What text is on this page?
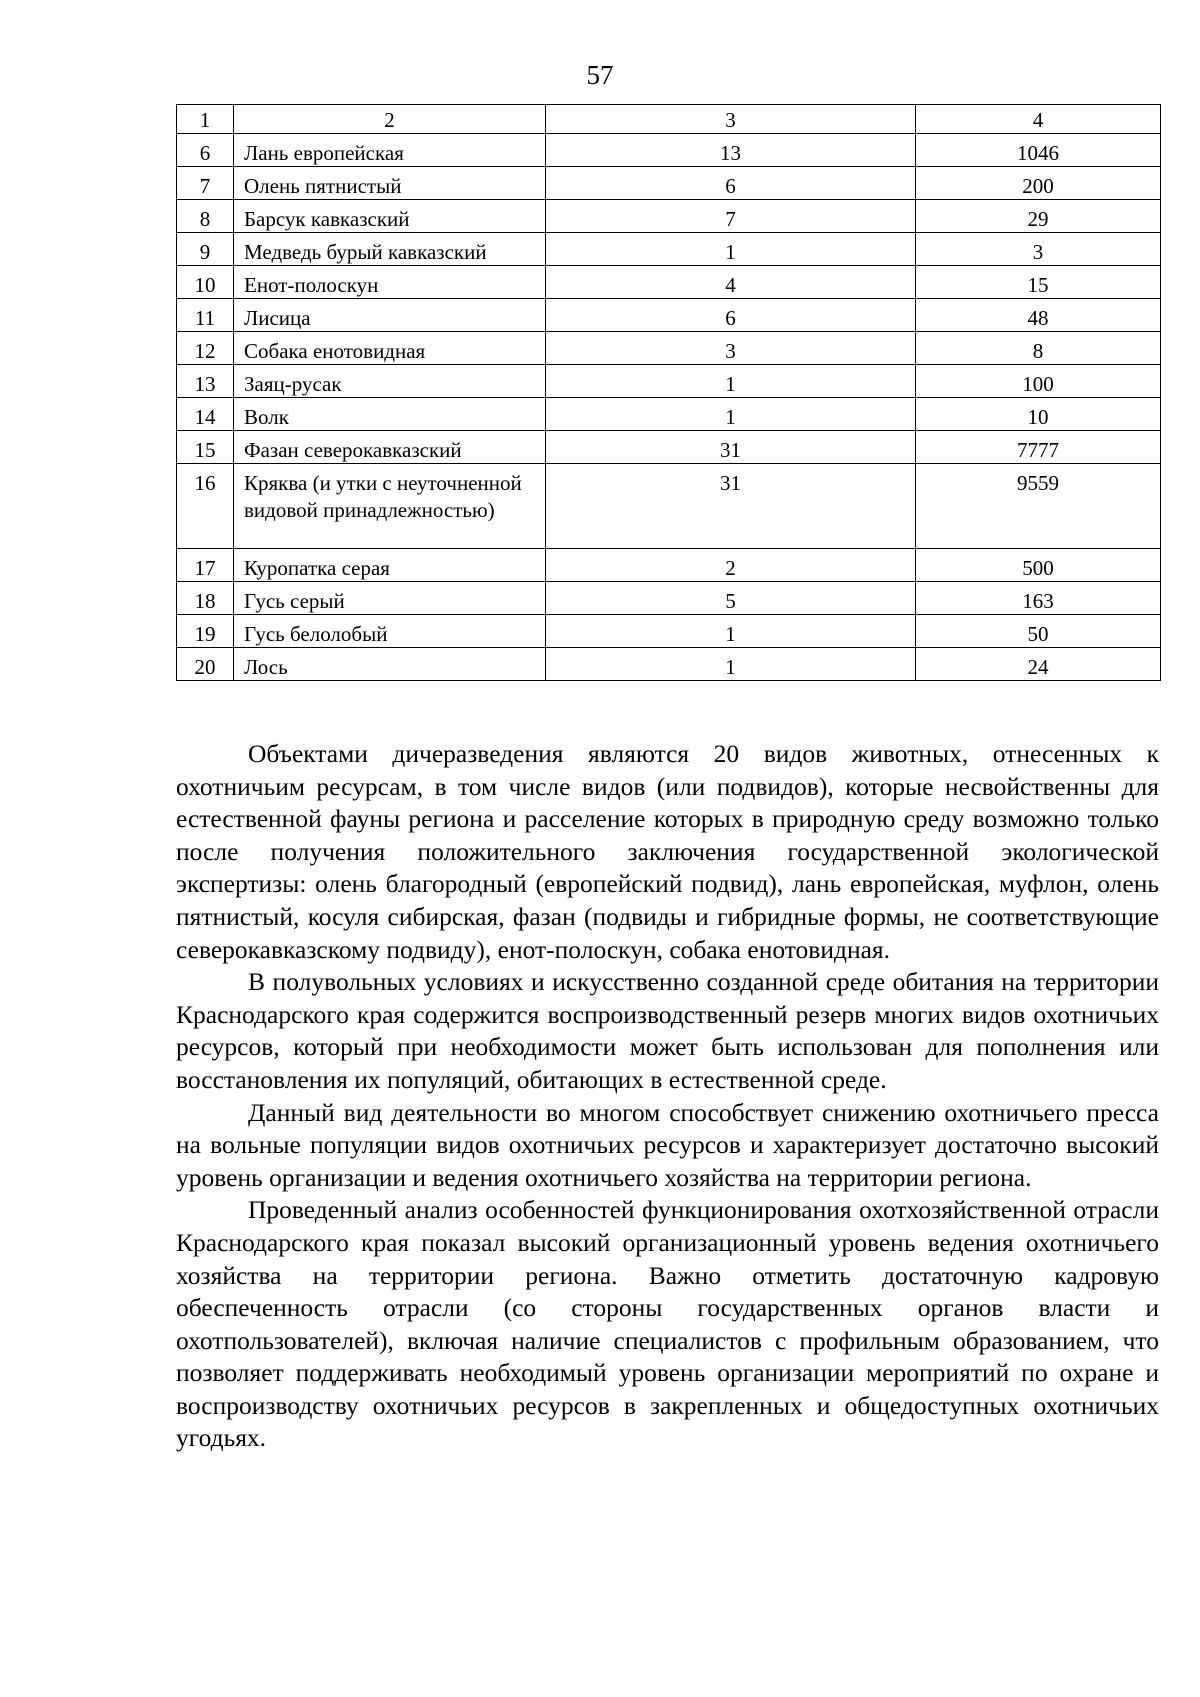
57
1	2	3	4
6	Лань европейская	13	1046
7	Олень пятнистый	6	200
8	Барсук кавказский	7	29
9	Медведь бурый кавказский	1	3
10	Енот-полоскун	4	15
11	Лисица	6	48
12	Собака енотовидная	3	8
13	Заяц-русак	1	100
14	Волк	1	10
15	Фазан северокавказский	31	7777
16	Кряква (и утки с неуточненной видовой принадлежностью)	31	9559
17	Куропатка серая	2	500
18	Гусь серый	5	163
19	Гусь белолобый	1	50
20	Лось	1	24

Объектами дичеразведения являются 20 видов животных, отнесенных к охотничьим ресурсам, в том числе видов (или подвидов), которые несвойственны для естественной фауны региона и расселение которых в природную среду возможно только после получения положительного заключения государственной экологической экспертизы: олень благородный (европейский подвид), лань европейская, муфлон, олень пятнистый, косуля сибирская, фазан (подвиды и гибридные формы, не соответствующие северокавказскому подвиду), енот-полоскун, собака енотовидная.

В полувольных условиях и искусственно созданной среде обитания на территории Краснодарского края содержится воспроизводственный резерв многих видов охотничьих ресурсов, который при необходимости может быть использован для пополнения или восстановления их популяций, обитающих в естественной среде.

Данный вид деятельности во многом способствует снижению охотничьего пресса на вольные популяции видов охотничьих ресурсов и характеризует достаточно высокий уровень организации и ведения охотничьего хозяйства на территории региона.

Проведенный анализ особенностей функционирования охотхозяйственной отрасли Краснодарского края показал высокий организационный уровень ведения охотничьего хозяйства на территории региона. Важно отметить достаточную кадровую обеспеченность отрасли (со стороны государственных органов власти и охотпользователей), включая наличие специалистов с профильным образованием, что позволяет поддерживать необходимый уровень организации мероприятий по охране и воспроизводству охотничьих ресурсов в закрепленных и общедоступных охотничьих угодьях.
